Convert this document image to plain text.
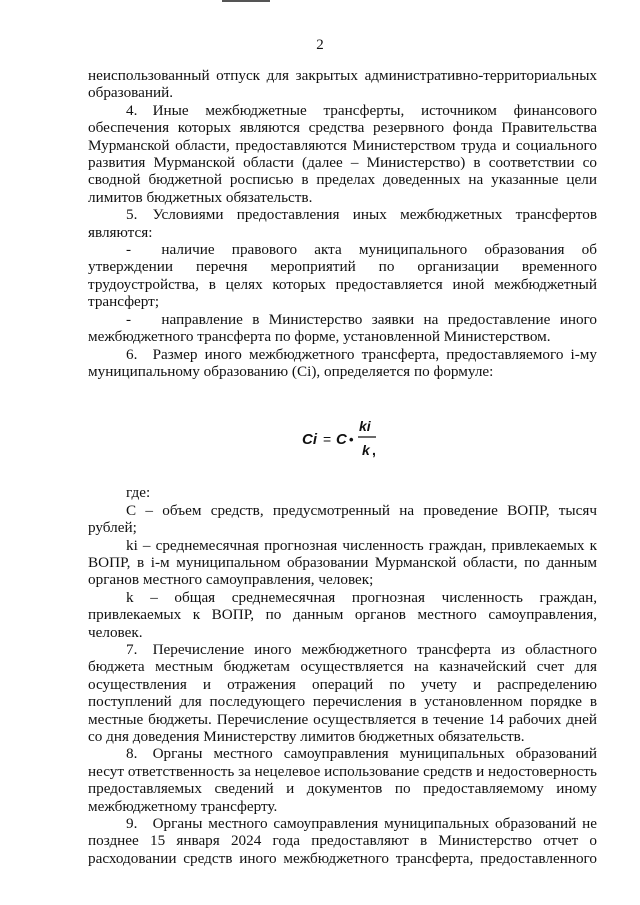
2

неиспользованный отпуск для закрытых административно-территориальных образований.

4. Иные межбюджетные трансферты, источником финансового обеспечения которых являются средства резервного фонда Правительства Мурманской области, предоставляются Министерством труда и социального развития Мурманской области (далее – Министерство) в соответствии со сводной бюджетной росписью в пределах доведенных на указанные цели лимитов бюджетных обязательств.

5. Условиями предоставления иных межбюджетных трансфертов являются:

-  наличие правового акта муниципального образования об утверждении перечня мероприятий по организации временного трудоустройства, в целях которых предоставляется иной межбюджетный трансферт;

-  направление в Министерство заявки на предоставление иного межбюджетного трансферта по форме, установленной Министерством.

6. Размер иного межбюджетного трансферта, предоставляемого i-му муниципальному образованию (Ci), определяется по формуле:

Ci = C •
ki
k ,

где:

С – объем средств, предусмотренный на проведение ВОПР, тысяч рублей;

ki – среднемесячная прогнозная численность граждан, привлекаемых к ВОПР, в i-м муниципальном образовании Мурманской области, по данным органов местного самоуправления, человек;

k – общая среднемесячная прогнозная численность граждан, привлекаемых к ВОПР, по данным органов местного самоуправления, человек.

7. Перечисление иного межбюджетного трансферта из областного бюджета местным бюджетам осуществляется на казначейский счет для осуществления и отражения операций по учету и распределению поступлений для последующего перечисления в установленном порядке в местные бюджеты. Перечисление осуществляется в течение 14 рабочих дней со дня доведения Министерству лимитов бюджетных обязательств.

8. Органы местного самоуправления муниципальных образований несут ответственность за нецелевое использование средств и недостоверность предоставляемых сведений и документов по предоставляемому иному межбюджетному трансферту.

9. Органы местного самоуправления муниципальных образований не позднее 15 января 2024 года предоставляют в Министерство отчет о расходовании средств иного межбюджетного трансферта, предоставленного
